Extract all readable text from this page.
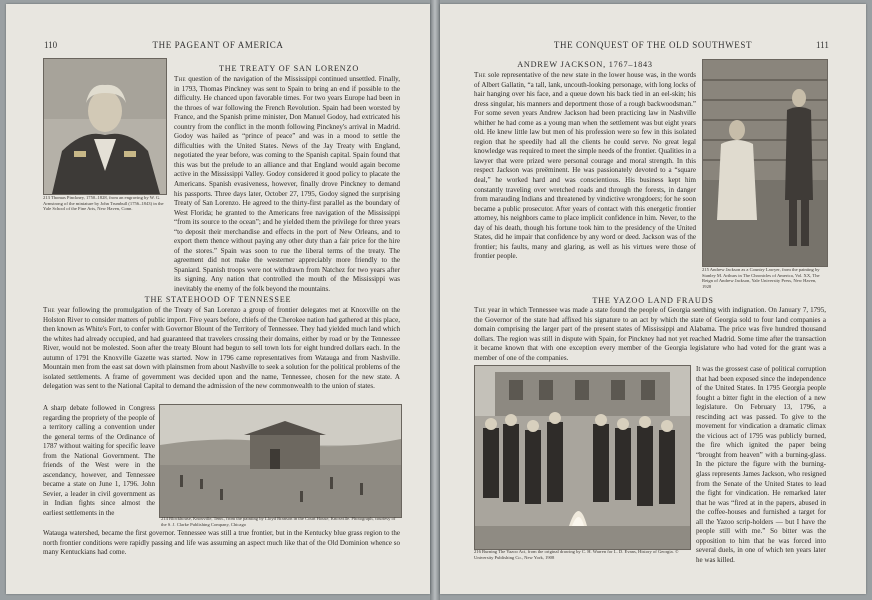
110	THE PAGEANT OF AMERICA
213 Thomas Pinckney, 1750–1828, from an engraving by W. G. Armstrong of the miniature by John Trumbull (1756–1843) in the Yale School of the Fine Arts, New Haven, Conn.
THE TREATY OF SAN LORENZO

The question of the navigation of the Mississippi continued unsettled. Finally, in 1793, Thomas Pinckney was sent to Spain to bring an end if possible to the difficulty. He chanced upon favorable times. For two years Europe had been in the throes of war following the French Revolution. Spain had been worsted by France, and the Spanish prime minister, Don Manuel Godoy, had extricated his country from the conflict in the month following Pinckney's arrival in Madrid. Godoy was hailed as “prince of peace” and was in a mood to settle the difficulties with the United States. News of the Jay Treaty with England, negotiated the year before, was coming to the Spanish capital. Spain found that this was but the prelude to an alliance and that England would again become active in the Mississippi Valley. Godoy considered it good policy to placate the Americans. Spanish evasiveness, however, finally drove Pinckney to demand his passports. Three days later, October 27, 1795, Godoy signed the surprising Treaty of San Lorenzo. He agreed to the thirty-first parallel as the boundary of West Florida; he granted to the Americans free navigation of the Mississippi “from its source to the ocean”; and he yielded them the privilege for three years “to deposit their merchandise and effects in the port of New Orleans, and to export them thence without paying any other duty than a fair price for the hire of the stores.” Spain was soon to rue the liberal terms of the treaty. The agreement did not make the westerner appreciably more friendly to the Spaniard. Spanish troops were not withdrawn from Natchez for two years after its signing. Any nation that controlled the mouth of the Mississippi was inevitably the enemy of the folk beyond the mountains.

THE STATEHOOD OF TENNESSEE

The year following the promulgation of the Treaty of San Lorenzo a group of frontier delegates met at Knoxville on the Holston River to consider matters of public import. Five years before, chiefs of the Cherokee nation had gathered at this place, then known as White's Fort, to confer with Governor Blount of the Territory of Tennessee. They had yielded much land which the whites had already occupied, and had guaranteed that travelers crossing their domains, either by road or by the Tennessee River, would not be molested. Soon after the treaty Blount had begun to sell town lots for eight hundred dollars each. In the autumn of 1791 the Knoxville Gazette was started. Now in 1796 came representatives from Watauga and from Nashville. Mountain men from the east sat down with plainsmen from about Nashville to seek a solution for the political problems of the isolated settlements. A frame of government was decided upon and the name, Tennessee, chosen for the new state. A delegation was sent to the National Capital to demand the admission of the new commonwealth to the union of states.

A sharp debate followed in Congress regarding the propriety of the people of a territory calling a convention under the general terms of the Ordinance of 1787 without waiting for specific leave from the National Government. The friends of the West were in the ascendancy, however, and Tennessee became a state on June 1, 1796. John Sevier, a leader in civil government as in Indian fights since almost the earliest settlements in the
214 Blockhouse, Knoxville, Tenn., from the painting by Lloyd Branson in the Court House, Knoxville. Photograph, courtesy of the S. J. Clarke Publishing Company, Chicago
Watauga watershed, became the first governor. Tennessee was still a true frontier, but in the Kentucky blue grass region to the north frontier conditions were rapidly passing and life was assuming an aspect much like that of the Old Dominion whence so many Kentuckians had come.
THE CONQUEST OF THE OLD SOUTHWEST	111
ANDREW JACKSON, 1767–1843

The sole representative of the new state in the lower house was, in the words of Albert Gallatin, “a tall, lank, uncouth-looking personage, with long locks of hair hanging over his face, and a queue down his back tied in an eel-skin; his dress singular, his manners and deportment those of a rough backwoodsman.” For some seven years Andrew Jackson had been practicing law in Nashville whither he had come as a young man when the settlement was but eight years old. He knew little law but men of his profession were so few in this isolated region that he speedily had all the clients he could serve. No great legal knowledge was required to meet the simple needs of the frontier. Qualities in a lawyer that were prized were personal courage and moral strength. In this respect Jackson was preëminent. He was passionately devoted to a “square deal,” he worked hard and was conscientious. His business kept him constantly traveling over wretched roads and through the forests, in danger from marauding Indians and threatened by vindictive wrongdoers; for he soon became a public prosecutor. After years of contact with this energetic frontier attorney, his neighbors came to place implicit confidence in him. Never, to the day of his death, though his fortune took him to the presidency of the United States, did he impair that confidence by any word or deed. Jackson was of the frontier; his faults, many and glaring, as well as his virtues were those of frontier people.

215 Andrew Jackson as a Country Lawyer, from the painting by Stanley M. Arthurs in The Chronicles of America, Vol. XX, The Reign of Andrew Jackson, Yale University Press, New Haven, 1928
THE YAZOO LAND FRAUDS

The year in which Tennessee was made a state found the people of Georgia seething with indignation. On January 7, 1795, the Governor of the state had affixed his signature to an act by which the state of Georgia sold to four land companies a domain comprising the larger part of the present states of Mississippi and Alabama. The price was five hundred thousand dollars. The region was still in dispute with Spain, for Pinckney had not yet reached Madrid. Some time after the transaction it became known that with one exception every member of the Georgia legislature who had voted for the grant was a member of one of the companies.

216 Burning The Yazoo Act, from the original drawing by C. H. Warren for L. D. Evans, History of Georgia. © University Publishing Co., New York, 1908
It was the grossest case of political corruption that had been exposed since the independence of the United States. In 1795 Georgia people fought a bitter fight in the election of a new legislature. On February 13, 1796, a rescinding act was passed. To give to the movement for vindication a dramatic climax the vicious act of 1795 was publicly burned, the fire which ignited the paper being “brought from heaven” with a burning-glass. In the picture the figure with the burning-glass represents James Jackson, who resigned from the Senate of the United States to lead the fight for vindication. He remarked later that he was “fired at in the papers, abused in the coffee-houses and furnished a target for all the Yazoo scrip-holders — but I have the people still with me.” So bitter was the opposition to him that he was forced into several duels, in one of which ten years later he was killed.
